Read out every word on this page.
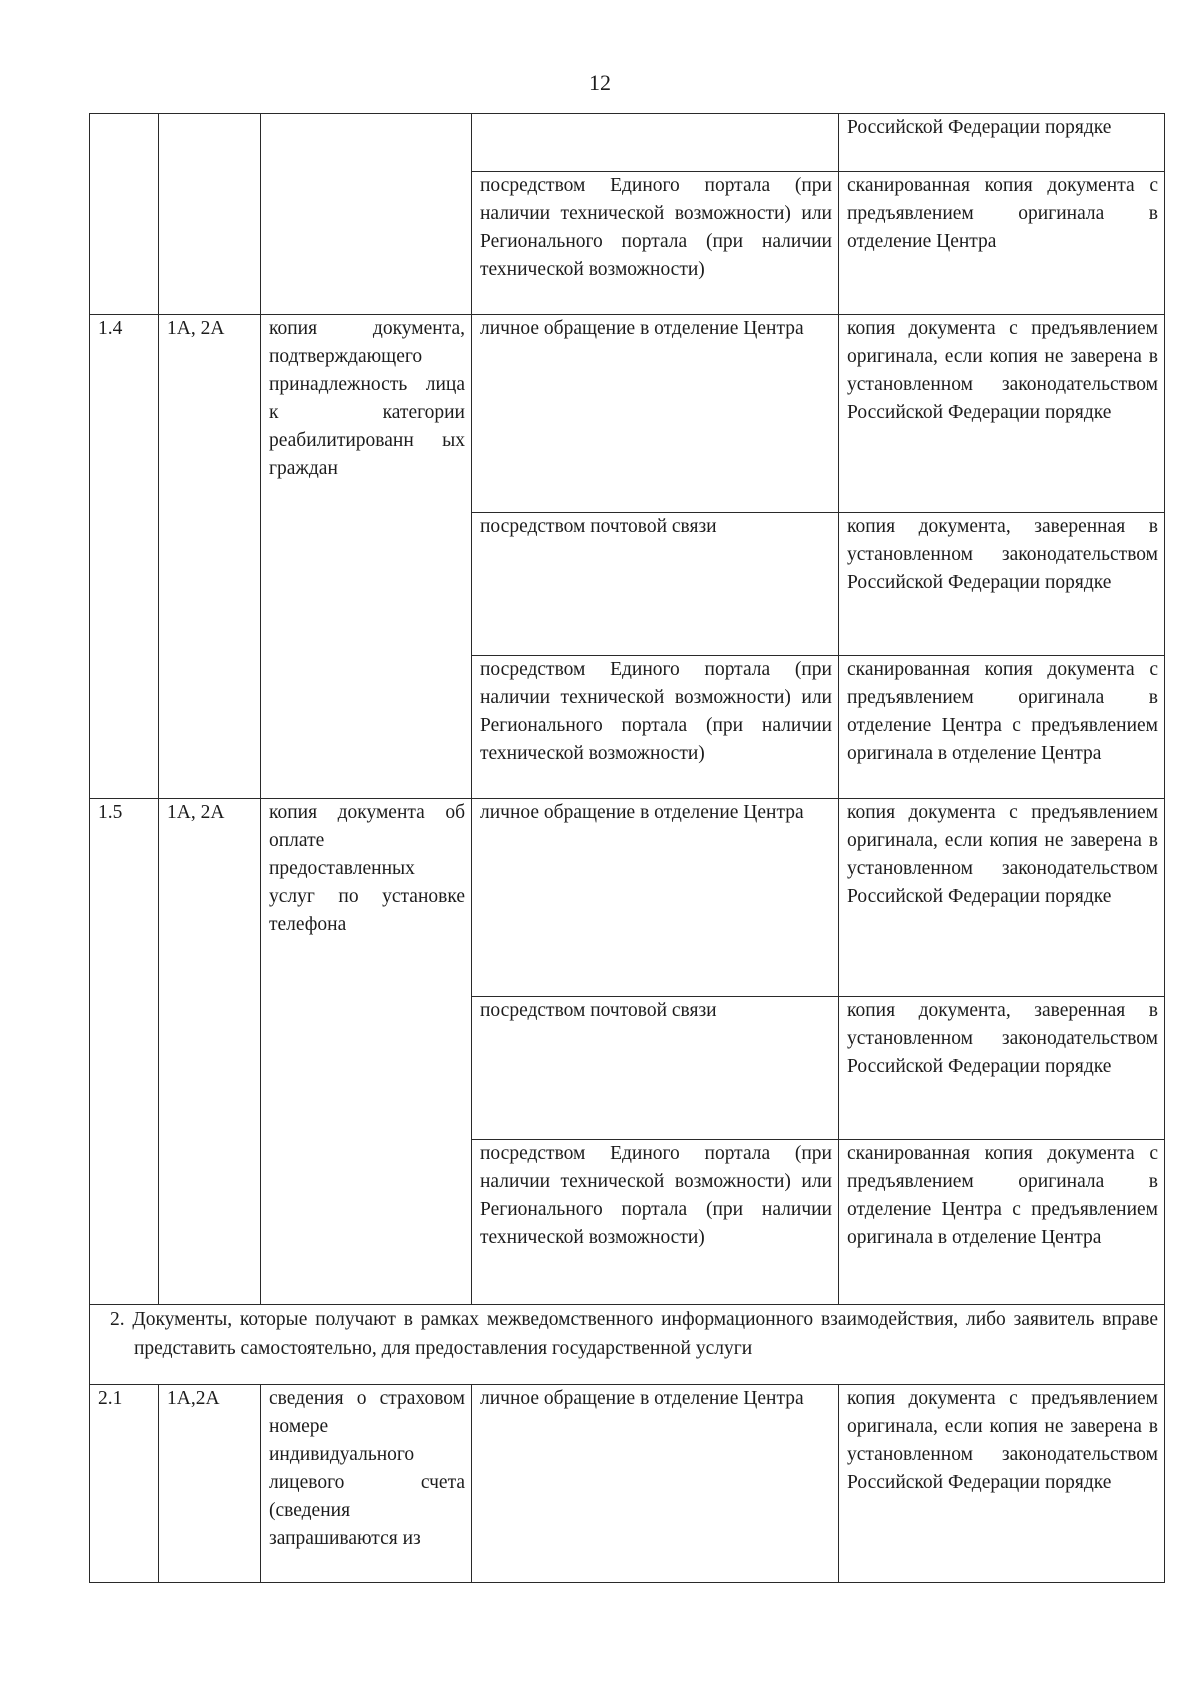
12

				Российской Федерации порядке

			посредством Единого портала (при наличии технической возможности) или Регионального портала (при наличии технической возможности)	сканированная копия документа с предъявлением оригинала в отделение Центра

1.4	1А, 2А	копия документа, подтверждающего принадлежность лица к категории реабилитированн ых граждан	личное обращение в отделение Центра	копия документа с предъявлением оригинала, если копия не заверена в установленном законодательством Российской Федерации порядке

			посредством почтовой связи	копия документа, заверенная в установленном законодательством Российской Федерации порядке

			посредством Единого портала (при наличии технической возможности) или Регионального портала (при наличии технической возможности)	сканированная копия документа с предъявлением оригинала в отделение Центра с предъявлением оригинала в отделение Центра

1.5	1А, 2А	копия документа об оплате предоставленных услуг по установке телефона	личное обращение в отделение Центра	копия документа с предъявлением оригинала, если копия не заверена в установленном законодательством Российской Федерации порядке

			посредством почтовой связи	копия документа, заверенная в установленном законодательством Российской Федерации порядке

			посредством Единого портала (при наличии технической возможности) или Регионального портала (при наличии технической возможности)	сканированная копия документа с предъявлением оригинала в отделение Центра с предъявлением оригинала в отделение Центра

2. Документы, которые получают в рамках межведомственного информационного взаимодействия, либо заявитель вправе представить самостоятельно, для предоставления государственной услуги				

2.1	1А,2А	сведения о страховом номере индивидуального лицевого счета (сведения запрашиваются из	личное обращение в отделение Центра	копия документа с предъявлением оригинала, если копия не заверена в установленном законодательством Российской Федерации порядке
